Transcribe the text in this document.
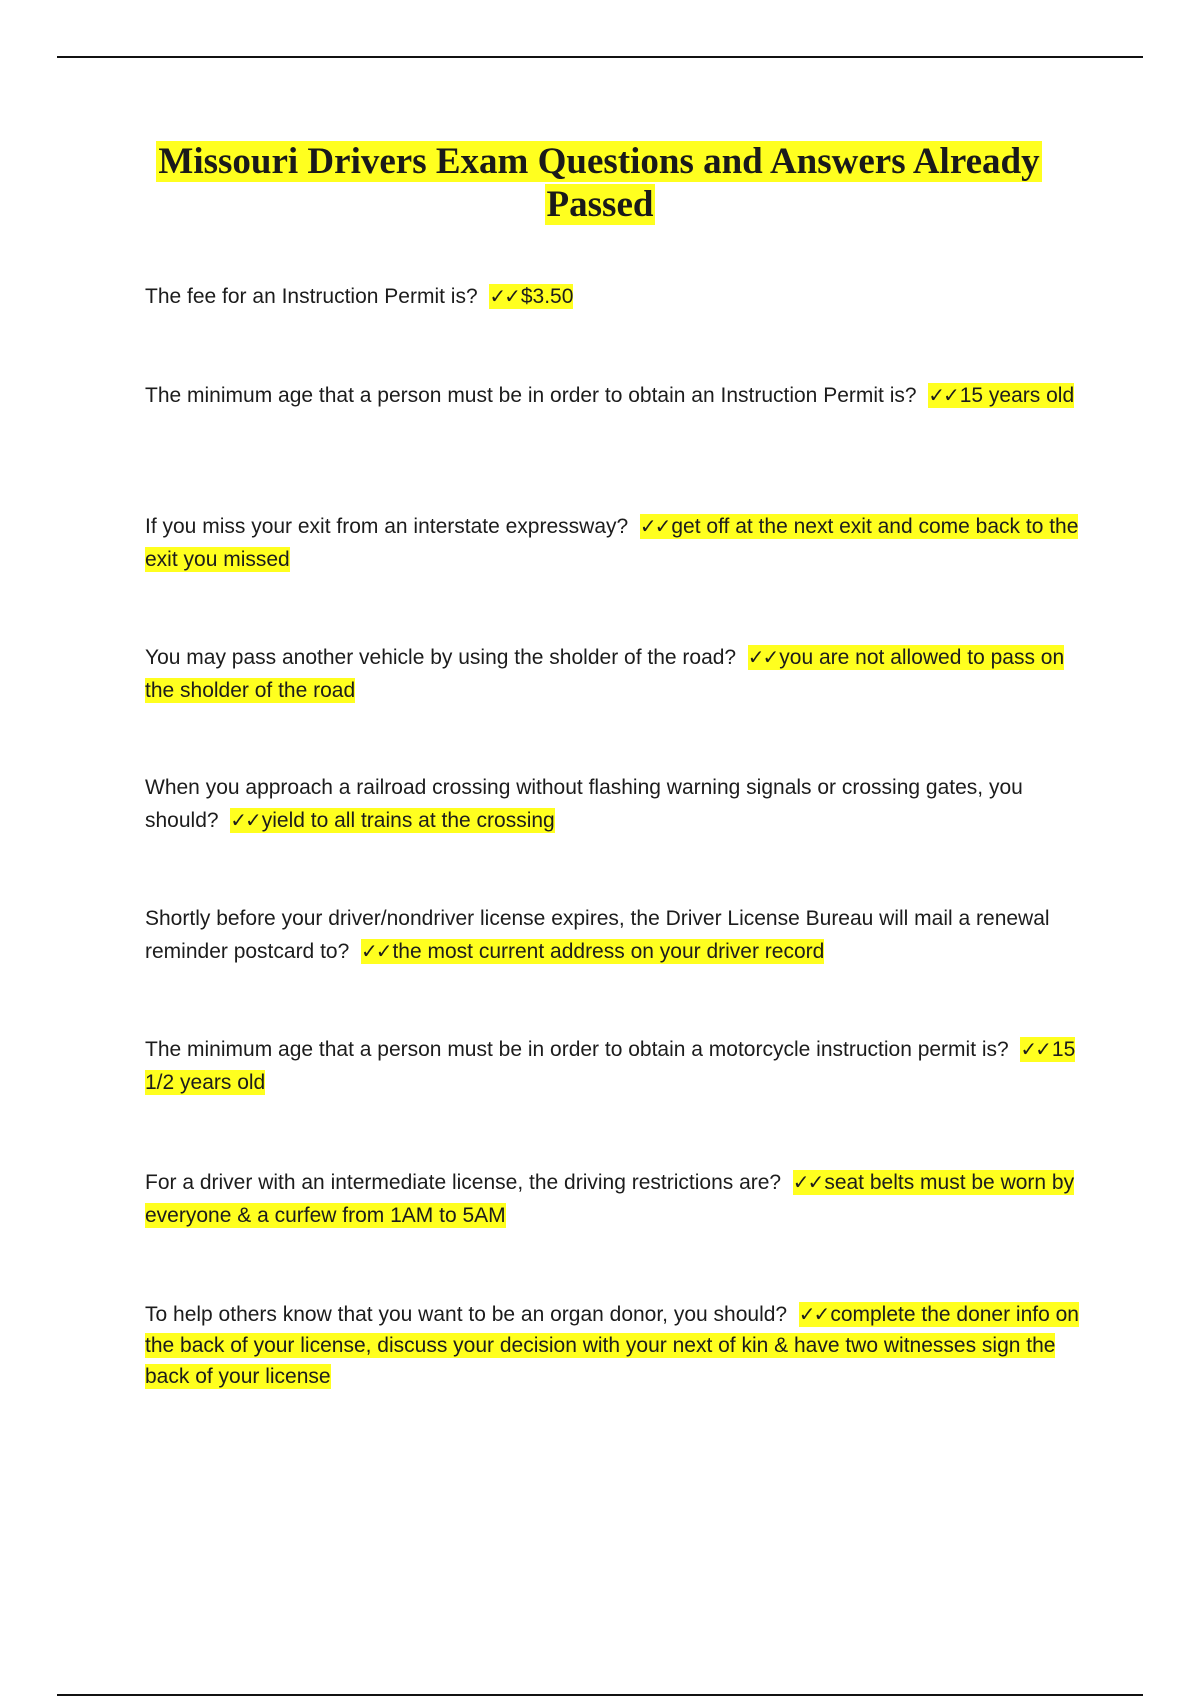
Missouri Drivers Exam Questions and Answers Already Passed

The fee for an Instruction Permit is? ✓✓$3.50

The minimum age that a person must be in order to obtain an Instruction Permit is? ✓✓15 years old

If you miss your exit from an interstate expressway? ✓✓get off at the next exit and come back to the exit you missed

You may pass another vehicle by using the sholder of the road? ✓✓you are not allowed to pass on the sholder of the road

When you approach a railroad crossing without flashing warning signals or crossing gates, you should? ✓✓yield to all trains at the crossing

Shortly before your driver/nondriver license expires, the Driver License Bureau will mail a renewal reminder postcard to? ✓✓the most current address on your driver record

The minimum age that a person must be in order to obtain a motorcycle instruction permit is? ✓✓15 1/2 years old

For a driver with an intermediate license, the driving restrictions are? ✓✓seat belts must be worn by everyone & a curfew from 1AM to 5AM

To help others know that you want to be an organ donor, you should? ✓✓complete the doner info on the back of your license, discuss your decision with your next of kin & have two witnesses sign the back of your license
